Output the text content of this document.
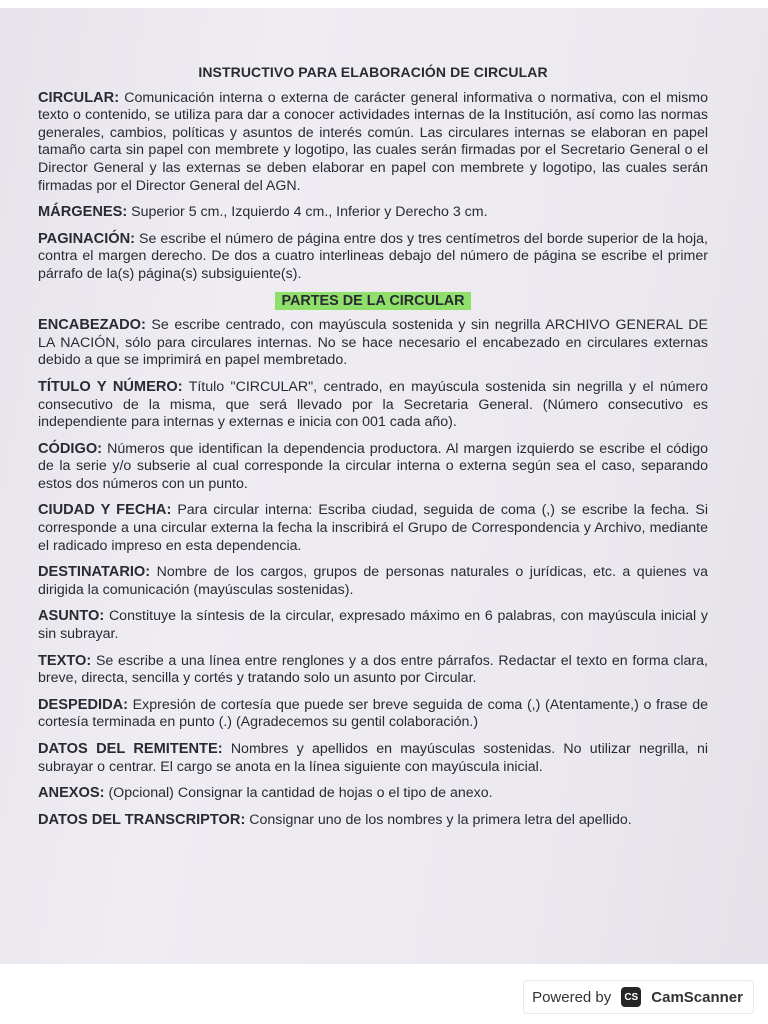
INSTRUCTIVO PARA ELABORACIÓN DE CIRCULAR

CIRCULAR: Comunicación interna o externa de carácter general informativa o normativa, con el mismo texto o contenido, se utiliza para dar a conocer actividades internas de la Institución, así como las normas generales, cambios, políticas y asuntos de interés común. Las circulares internas se elaboran en papel tamaño carta sin papel con membrete y logotipo, las cuales serán firmadas por el Secretario General o el Director General y las externas se deben elaborar en papel con membrete y logotipo, las cuales serán firmadas por el Director General del AGN.

MÁRGENES: Superior 5 cm., Izquierdo 4 cm., Inferior y Derecho 3 cm.

PAGINACIÓN: Se escribe el número de página entre dos y tres centímetros del borde superior de la hoja, contra el margen derecho. De dos a cuatro interlineas debajo del número de página se escribe el primer párrafo de la(s) página(s) subsiguiente(s).

PARTES DE LA CIRCULAR

ENCABEZADO: Se escribe centrado, con mayúscula sostenida y sin negrilla ARCHIVO GENERAL DE LA NACIÓN, sólo para circulares internas. No se hace necesario el encabezado en circulares externas debido a que se imprimirá en papel membretado.

TÍTULO Y NÚMERO: Título "CIRCULAR", centrado, en mayúscula sostenida sin negrilla y el número consecutivo de la misma, que será llevado por la Secretaria General. (Número consecutivo es independiente para internas y externas e inicia con 001 cada año).

CÓDIGO: Números que identifican la dependencia productora. Al margen izquierdo se escribe el código de la serie y/o subserie al cual corresponde la circular interna o externa según sea el caso, separando estos dos números con un punto.

CIUDAD Y FECHA: Para circular interna: Escriba ciudad, seguida de coma (,) se escribe la fecha. Si corresponde a una circular externa la fecha la inscribirá el Grupo de Correspondencia y Archivo, mediante el radicado impreso en esta dependencia.

DESTINATARIO: Nombre de los cargos, grupos de personas naturales o jurídicas, etc. a quienes va dirigida la comunicación (mayúsculas sostenidas).

ASUNTO: Constituye la síntesis de la circular, expresado máximo en 6 palabras, con mayúscula inicial y sin subrayar.

TEXTO: Se escribe a una línea entre renglones y a dos entre párrafos. Redactar el texto en forma clara, breve, directa, sencilla y cortés y tratando solo un asunto por Circular.

DESPEDIDA: Expresión de cortesía que puede ser breve seguida de coma (,) (Atentamente,) o frase de cortesía terminada en punto (.) (Agradecemos su gentil colaboración.)

DATOS DEL REMITENTE: Nombres y apellidos en mayúsculas sostenidas. No utilizar negrilla, ni subrayar o centrar. El cargo se anota en la línea siguiente con mayúscula inicial.

ANEXOS: (Opcional) Consignar la cantidad de hojas o el tipo de anexo.

DATOS DEL TRANSCRIPTOR: Consignar uno de los nombres y la primera letra del apellido.

Powered by	CS CamScanner
